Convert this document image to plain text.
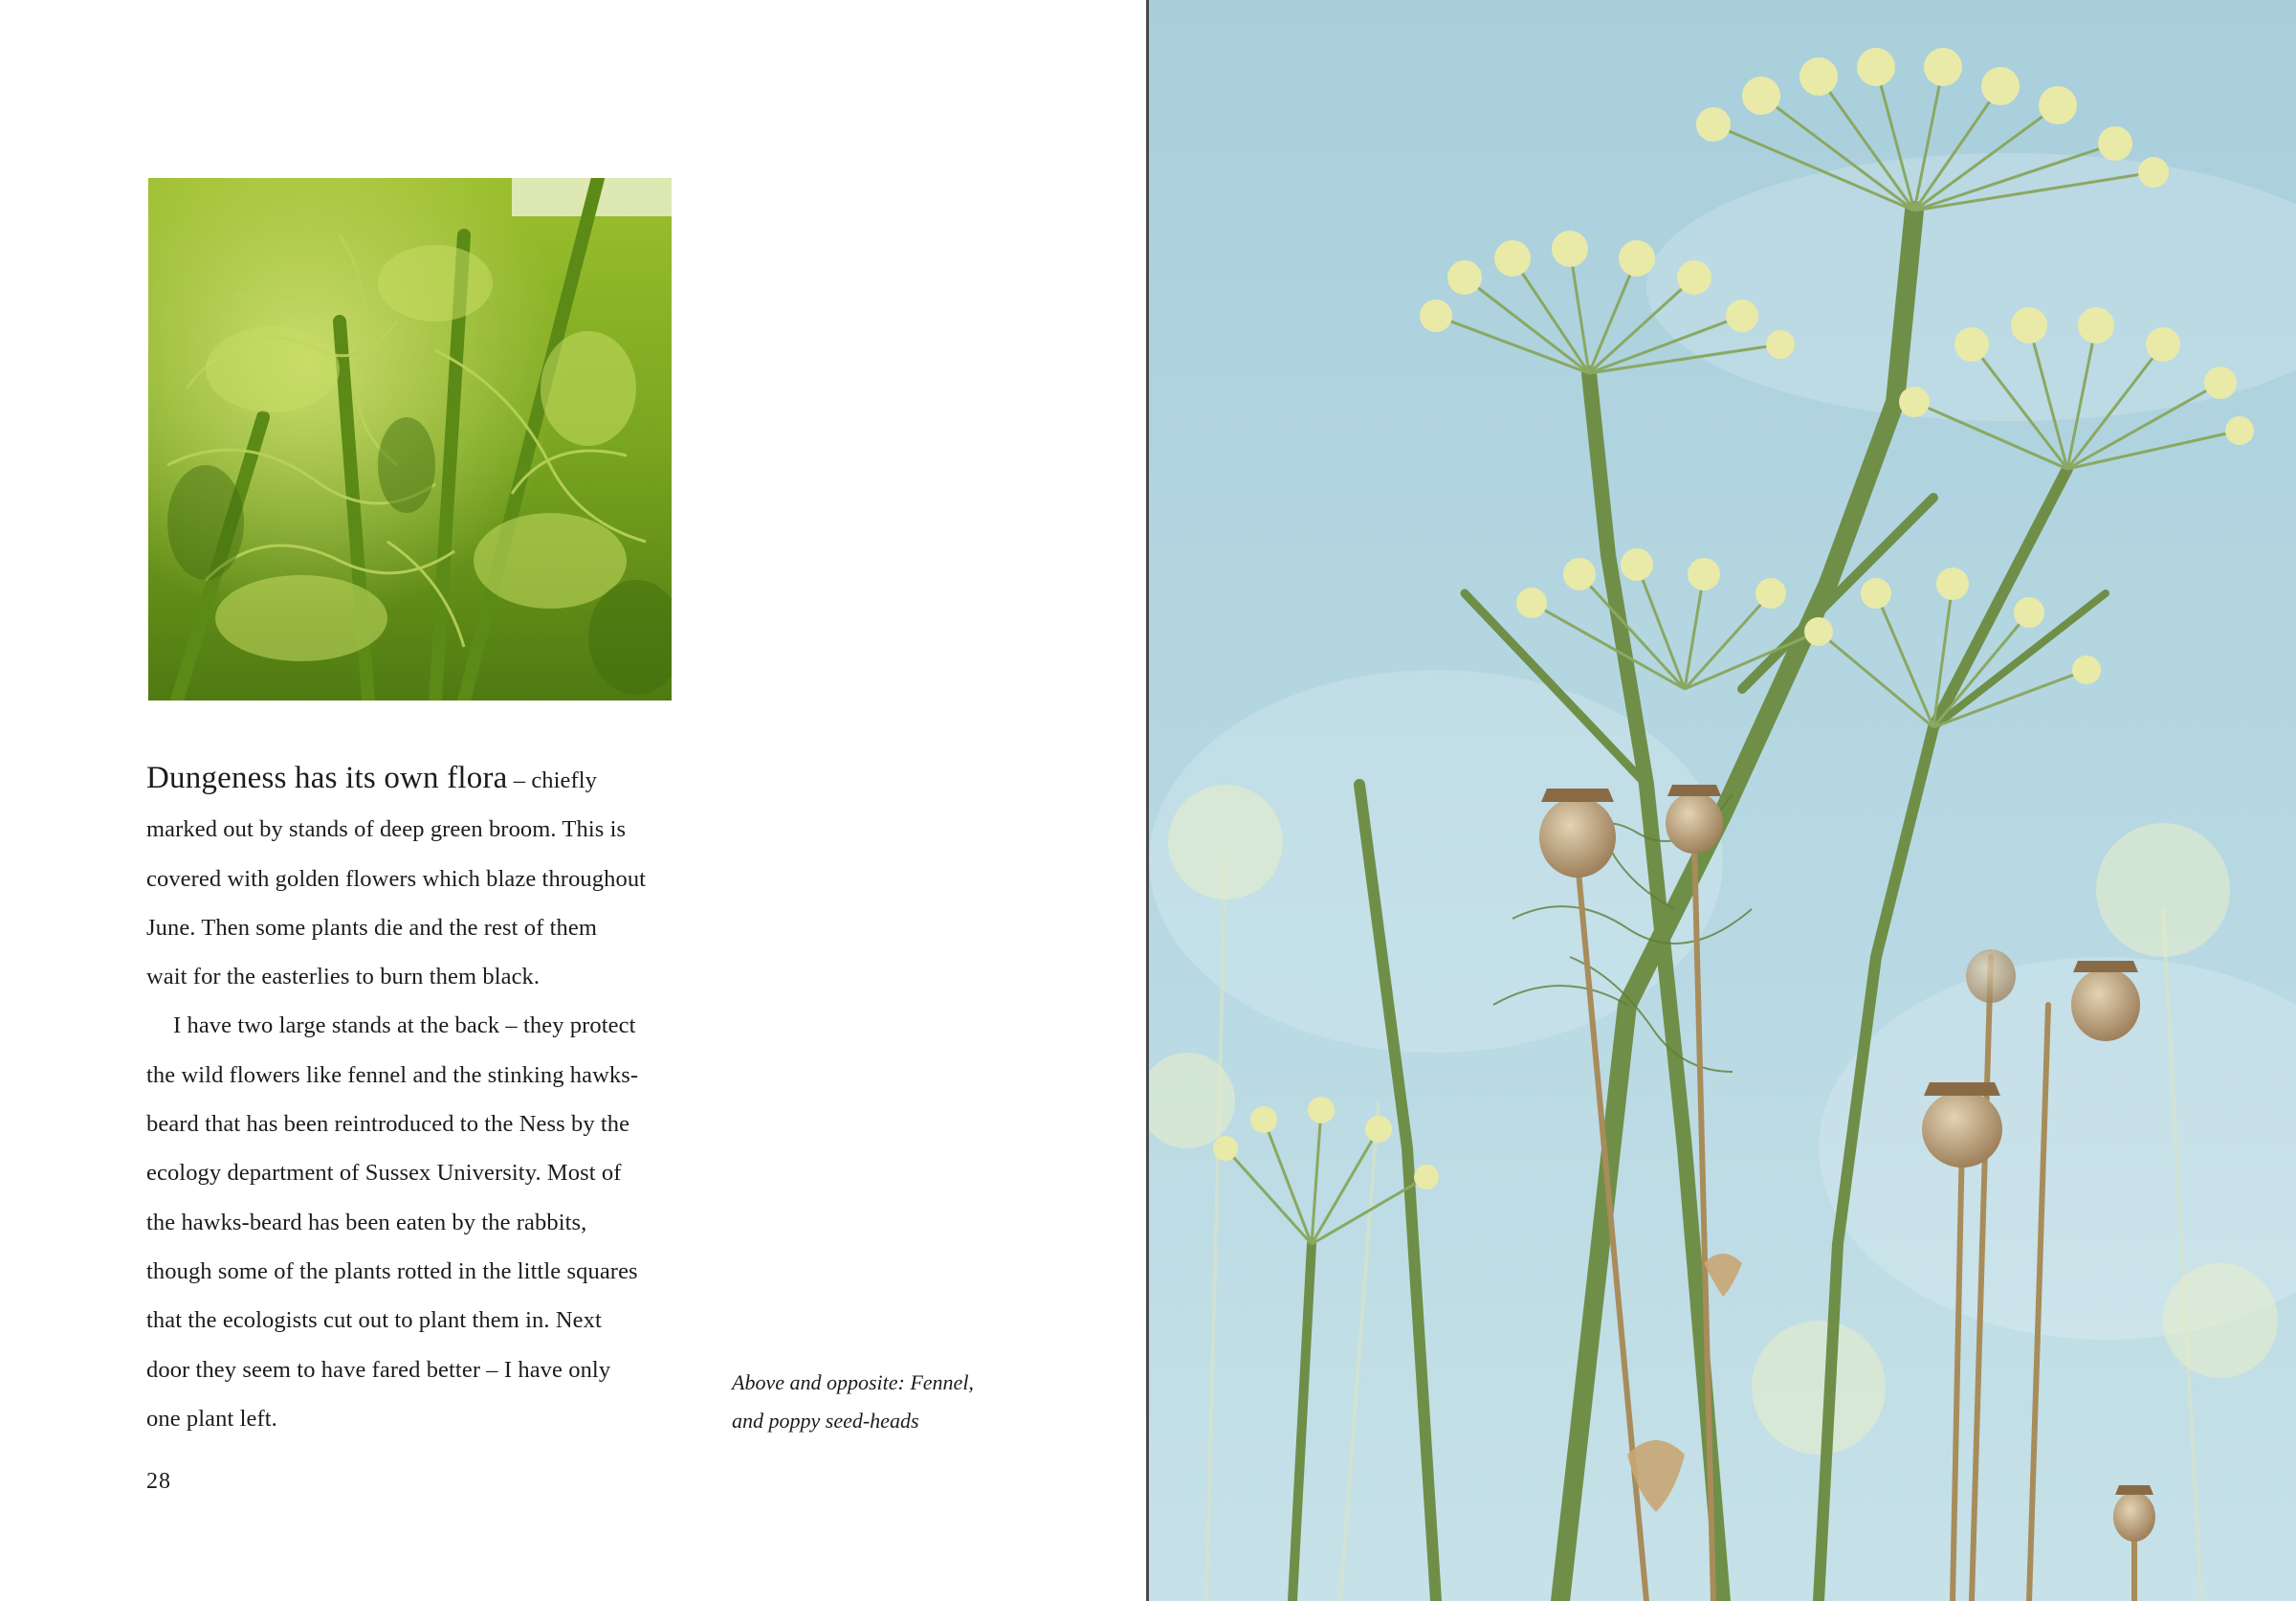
Dungeness has its own flora – chiefly
marked out by stands of deep green broom. This is
covered with golden flowers which blaze throughout
June. Then some plants die and the rest of them
wait for the easterlies to burn them black.

I have two large stands at the back – they protect
the wild flowers like fennel and the stinking hawks-
beard that has been reintroduced to the Ness by the
ecology department of Sussex University. Most of
the hawks-beard has been eaten by the rabbits,
though some of the plants rotted in the little squares
that the ecologists cut out to plant them in. Next
door they seem to have fared better – I have only
one plant left.

Above and opposite: Fennel,
and poppy seed-heads
28
